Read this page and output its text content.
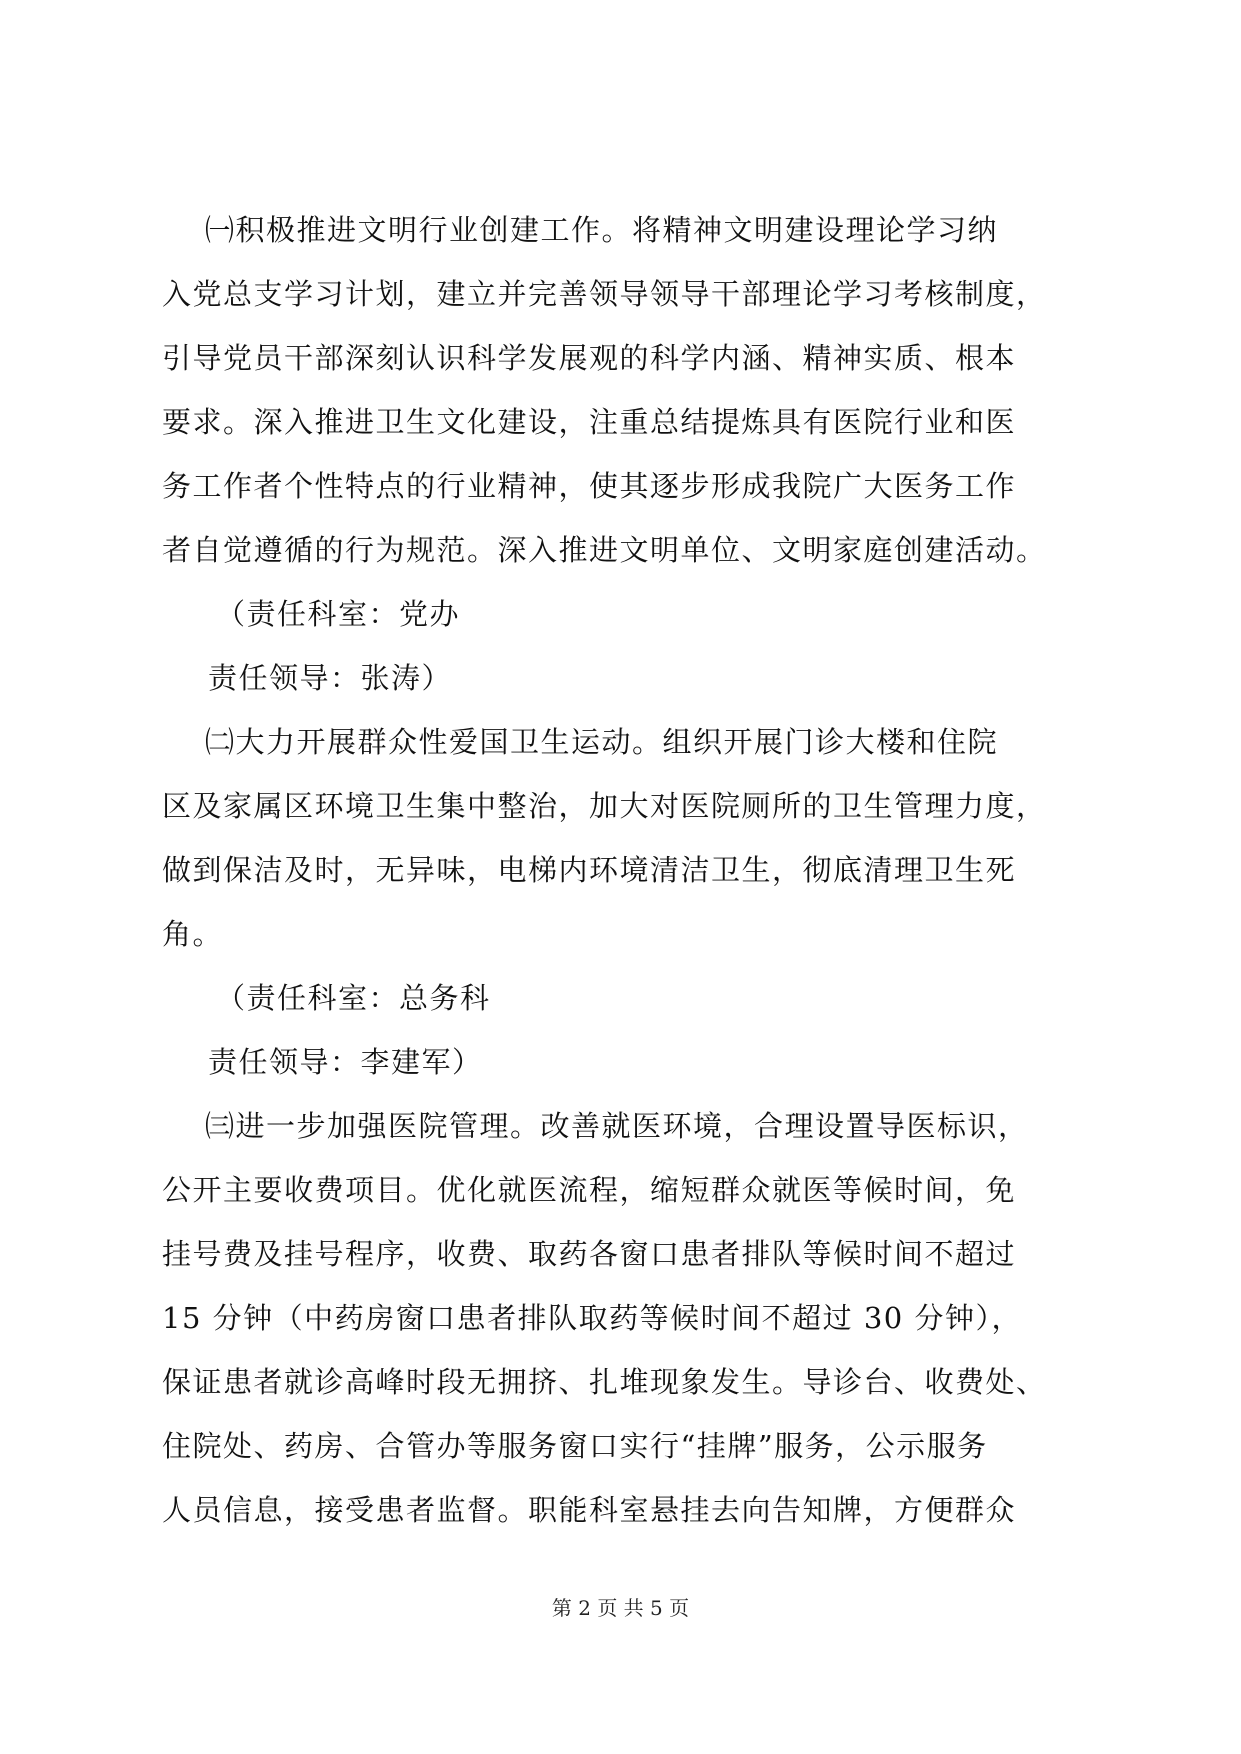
㈠积极推进文明行业创建工作。将精神文明建设理论学习纳
入党总支学习计划，建立并完善领导领导干部理论学习考核制度，
引导党员干部深刻认识科学发展观的科学内涵、精神实质、根本
要求。深入推进卫生文化建设，注重总结提炼具有医院行业和医
务工作者个性特点的行业精神，使其逐步形成我院广大医务工作
者自觉遵循的行为规范。深入推进文明单位、文明家庭创建活动。
（责任科室：党办
责任领导：张涛）
㈡大力开展群众性爱国卫生运动。组织开展门诊大楼和住院
区及家属区环境卫生集中整治，加大对医院厕所的卫生管理力度，
做到保洁及时，无异味，电梯内环境清洁卫生，彻底清理卫生死
角。
（责任科室：总务科
责任领导：李建军）
㈢进一步加强医院管理。改善就医环境，合理设置导医标识，
公开主要收费项目。优化就医流程，缩短群众就医等候时间，免
挂号费及挂号程序，收费、取药各窗口患者排队等候时间不超过
15 分钟（中药房窗口患者排队取药等候时间不超过 30 分钟），
保证患者就诊高峰时段无拥挤、扎堆现象发生。导诊台、收费处、
住院处、药房、合管办等服务窗口实行“挂牌”服务，公示服务
人员信息，接受患者监督。职能科室悬挂去向告知牌，方便群众
第 2 页 共 5 页
